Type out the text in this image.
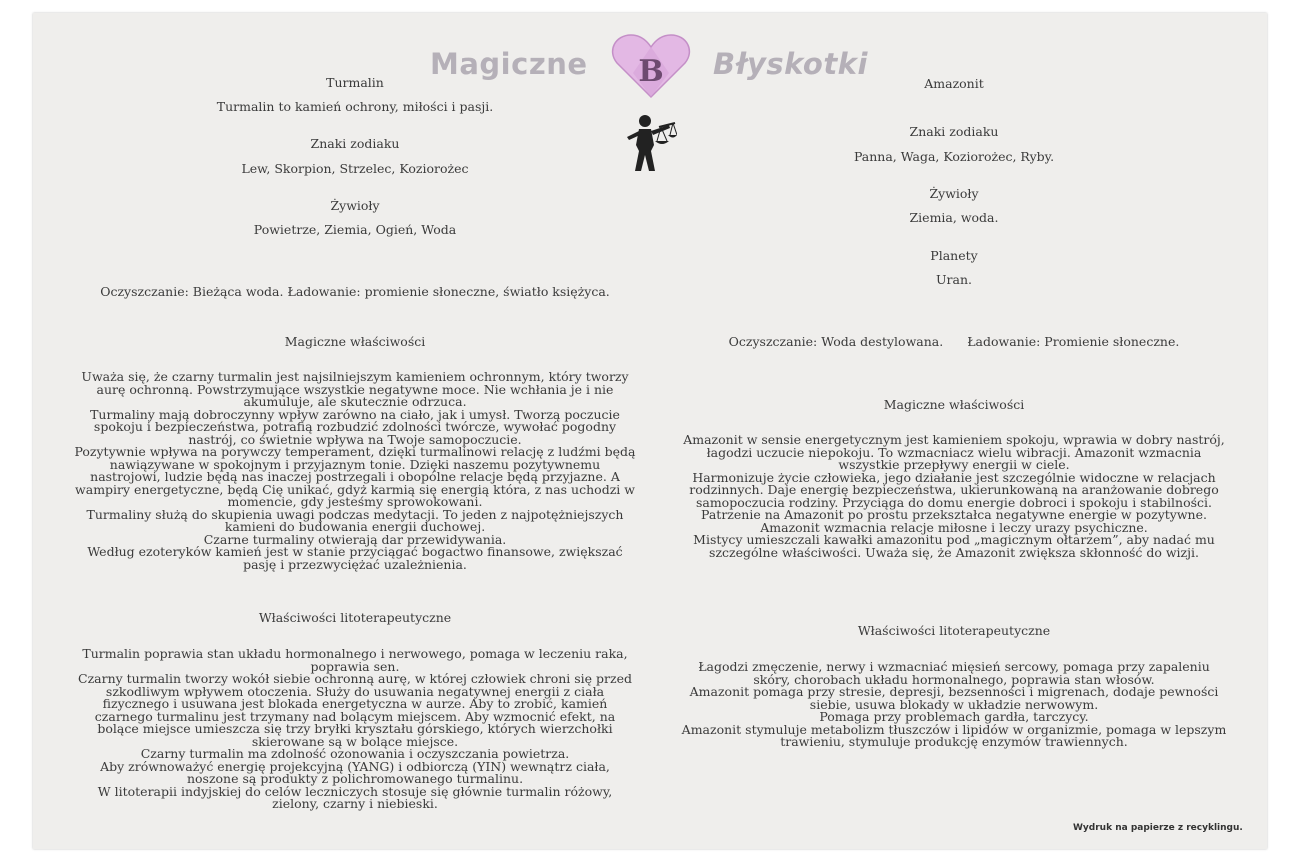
Magiczne B Błyskotki
Turmalin
Turmalin to kamień ochrony, miłości i pasji.
Znaki zodiaku
Lew, Skorpion, Strzelec, Koziorożec
Żywioły
Powietrze, Ziemia, Ogień, Woda
Oczyszczanie: Bieżąca woda. Ładowanie: promienie słoneczne, światło księżyca.
Magiczne właściwości
Uważa się, że czarny turmalin jest najsilniejszym kamieniem ochronnym, który tworzy
aurę ochronną. Powstrzymujące wszystkie negatywne moce. Nie wchłania je i nie
akumuluje, ale skutecznie odrzuca.
Turmaliny mają dobroczynny wpływ zarówno na ciało, jak i umysł. Tworzą poczucie
spokoju i bezpieczeństwa, potrafią rozbudzić zdolności twórcze, wywołać pogodny
nastrój, co świetnie wpływa na Twoje samopoczucie.
Pozytywnie wpływa na porywczy temperament, dzięki turmalinowi relację z ludźmi będą
nawiązywane w spokojnym i przyjaznym tonie. Dzięki naszemu pozytywnemu
nastrojowi, ludzie będą nas inaczej postrzegali i obopólne relacje będą przyjazne. A
wampiry energetyczne, będą Cię unikać, gdyż karmią się energią która, z nas uchodzi w
momencie, gdy jesteśmy sprowokowani.
Turmaliny służą do skupienia uwagi podczas medytacji. To jeden z najpotężniejszych
kamieni do budowania energii duchowej.
Czarne turmaliny otwierają dar przewidywania.
Według ezoteryków kamień jest w stanie przyciągać bogactwo finansowe, zwiększać
pasję i przezwyciężać uzależnienia.
Właściwości litoterapeutyczne
Turmalin poprawia stan układu hormonalnego i nerwowego, pomaga w leczeniu raka,
poprawia sen.
Czarny turmalin tworzy wokół siebie ochronną aurę, w której człowiek chroni się przed
szkodliwym wpływem otoczenia. Służy do usuwania negatywnej energii z ciała
fizycznego i usuwana jest blokada energetyczna w aurze. Aby to zrobić, kamień
czarnego turmalinu jest trzymany nad bolącym miejscem. Aby wzmocnić efekt, na
bolące miejsce umieszcza się trzy bryłki kryształu górskiego, których wierzchołki
skierowane są w bolące miejsce.
Czarny turmalin ma zdolność ozonowania i oczyszczania powietrza.
Aby zrównoważyć energię projekcyjną (YANG) i odbiorczą (YIN) wewnątrz ciała,
noszone są produkty z polichromowanego turmalinu.
W litoterapii indyjskiej do celów leczniczych stosuje się głównie turmalin różowy,
zielony, czarny i niebieski.
Amazonit
Znaki zodiaku
Panna, Waga, Koziorożec, Ryby.
Żywioły
Ziemia, woda.
Planety
Uran.
Oczyszczanie: Woda destylowana. Ładowanie: Promienie słoneczne.
Magiczne właściwości
Amazonit w sensie energetycznym jest kamieniem spokoju, wprawia w dobry nastrój,
łagodzi uczucie niepokoju. To wzmacniacz wielu wibracji. Amazonit wzmacnia
wszystkie przepływy energii w ciele.
Harmonizuje życie człowieka, jego działanie jest szczególnie widoczne w relacjach
rodzinnych. Daje energię bezpieczeństwa, ukierunkowaną na aranżowanie dobrego
samopoczucia rodziny. Przyciąga do domu energie dobroci i spokoju i stabilności.
Patrzenie na Amazonit po prostu przekształca negatywne energie w pozytywne.
Amazonit wzmacnia relacje miłosne i leczy urazy psychiczne.
Mistycy umieszczali kawałki amazonitu pod „magicznym ołtarzem”, aby nadać mu
szczególne właściwości. Uważa się, że Amazonit zwiększa skłonność do wizji.
Właściwości litoterapeutyczne
Łagodzi zmęczenie, nerwy i wzmacniać mięsień sercowy, pomaga przy zapaleniu
skóry, chorobach układu hormonalnego, poprawia stan włosów.
Amazonit pomaga przy stresie, depresji, bezsenności i migrenach, dodaje pewności
siebie, usuwa blokady w układzie nerwowym.
Pomaga przy problemach gardła, tarczycy.
Amazonit stymuluje metabolizm tłuszczów i lipidów w organizmie, pomaga w lepszym
trawieniu, stymuluje produkcję enzymów trawiennych.
Wydruk na papierze z recyklingu.
